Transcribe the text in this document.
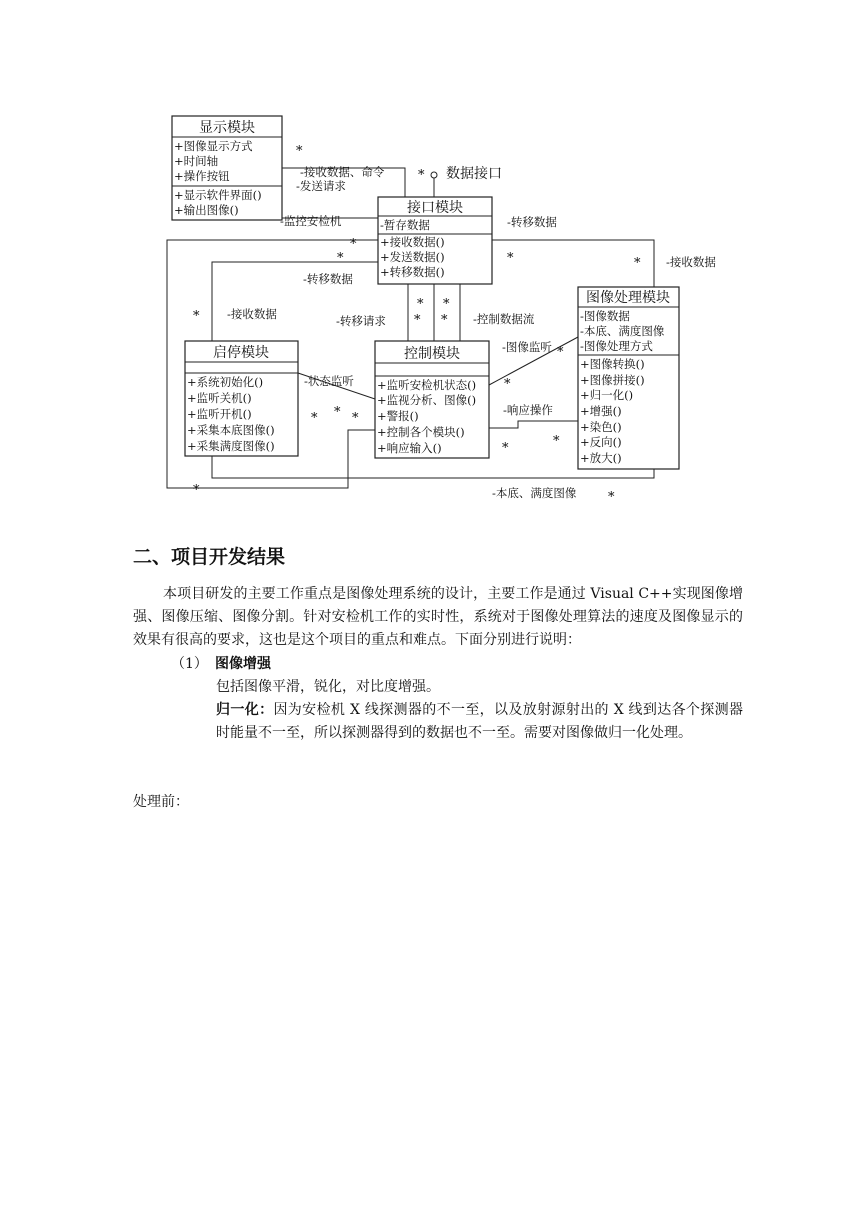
数据接口
显示模块
+图像显示方式
+时间轴
+操作按钮
+显示软件界面()
+输出图像()	接口模块
-暂存数据
+接收数据()
+发送数据()
+转移数据()
图像处理模块
-图像数据
-本底、满度图像
-图像处理方式
+图像转换()
+图像拼接()
+归一化()
+增强()
+染色()
+反向()
+放大()
启停模块
+系统初始化()
+监听关机()
+监听开机()
+采集本底图像()
+采集满度图像()
控制模块
+监听安检机状态()
+监视分析、图像()
+警报()
+控制各个模块()
+响应输入()
-接收数据、命令
-发送请求
-监控安检机	-转移数据
-接收数据
-转移数据
-接收数据	-转移请求	-控制数据流
-图像监听
-状态监听
-响应操作
-本底、满度图像
*
*
*
*	*	*
* *
* *
*
*
*
*
*	*
*
*
*	*
二、项目开发结果

本项目研发的主要工作重点是图像处理系统的设计，主要工作是通过 Visual C++实现图像增强、图像压缩、图像分割。针对安检机工作的实时性，系统对于图像处理算法的速度及图像显示的效果有很高的要求，这也是这个项目的重点和难点。下面分别进行说明：

（1） 图像增强

包括图像平滑，锐化，对比度增强。

归一化：因为安检机 X 线探测器的不一至，以及放射源射出的 X 线到达各个探测器时能量不一至，所以探测器得到的数据也不一至。需要对图像做归一化处理。

处理前：
